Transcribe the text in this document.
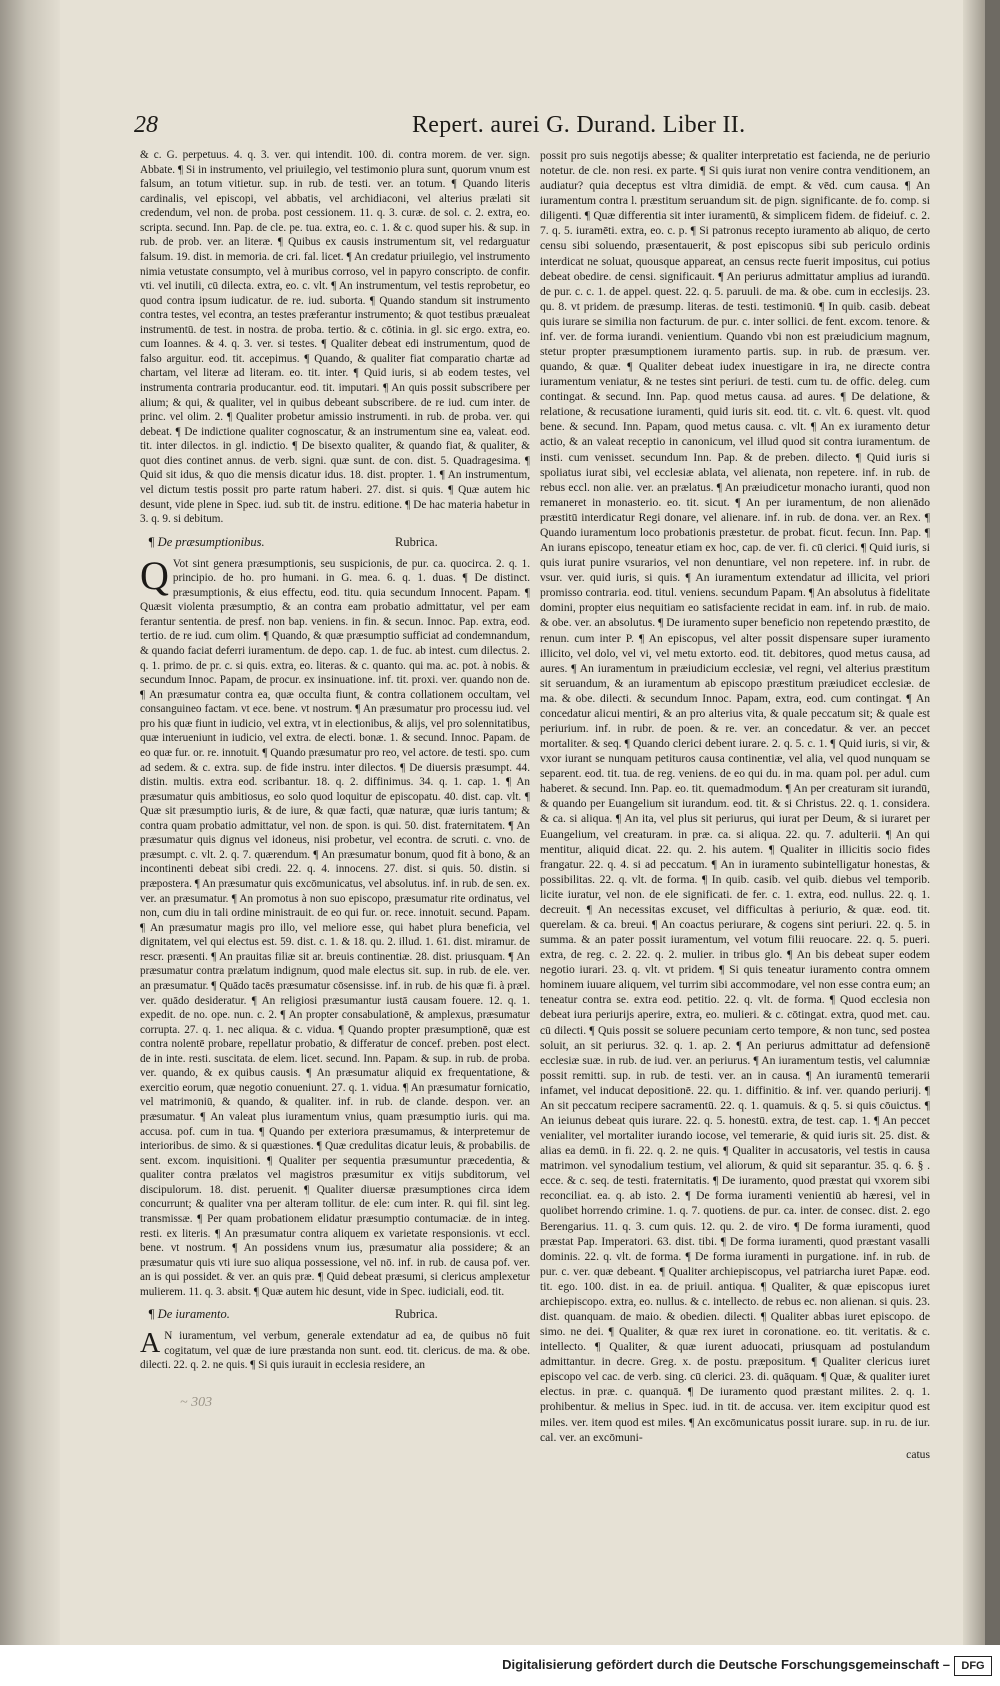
28	Repert. aurei G. Durand. Liber II.

& c. G. perpetuus. 4. q. 3. ver. qui intendit. 100. di. contra morem. de ver. sign. Abbate. ¶ Si in instrumento, vel priuilegio, vel testimonio plura sunt, quorum vnum est falsum, an totum vitietur. sup. in rub. de testi. ver. an totum. ¶ Quando literis cardinalis, vel episcopi, vel abbatis, vel archidiaconi, vel alterius prælati sit credendum, vel non. de proba. post cessionem. 11. q. 3. curæ. de sol. c. 2. extra, eo. scripta. secund. Inn. Pap. de cle. pe. tua. extra, eo. c. 1. & c. quod super his. & sup. in rub. de prob. ver. an literæ. ¶ Quibus ex causis instrumentum sit, vel redarguatur falsum. 19. dist. in memoria. de cri. fal. licet. ¶ An credatur priuilegio, vel instrumento nimia vetustate consumpto, vel à muribus corroso, vel in papyro conscripto. de confir. vti. vel inutili, cū dilecta. extra, eo. c. vlt. ¶ An instrumentum, vel testis reprobetur, eo quod contra ipsum iudicatur. de re. iud. suborta. ¶ Quando standum sit instrumento contra testes, vel econtra, an testes præferantur instrumento; & quot testibus præualeat instrumentū. de test. in nostra. de proba. tertio. & c. cōtinia. in gl. sic ergo. extra, eo. cum Ioannes. & 4. q. 3. ver. si testes. ¶ Qualiter debeat edi instrumentum, quod de falso arguitur. eod. tit. accepimus. ¶ Quando, & qualiter fiat comparatio chartæ ad chartam, vel literæ ad literam. eo. tit. inter. ¶ Quid iuris, si ab eodem testes, vel instrumenta contraria producantur. eod. tit. imputari. ¶ An quis possit subscribere per alium; & qui, & qualiter, vel in quibus debeant subscribere. de re iud. cum inter. de princ. vel olim. 2. ¶ Qualiter probetur amissio instrumenti. in rub. de proba. ver. qui debeat. ¶ De indictione qualiter cognoscatur, & an instrumentum sine ea, valeat. eod. tit. inter dilectos. in gl. indictio. ¶ De bisexto qualiter, & quando fiat, & qualiter, & quot dies continet annus. de verb. signi. quæ sunt. de con. dist. 5. Quadragesima. ¶ Quid sit idus, & quo die mensis dicatur idus. 18. dist. propter. 1. ¶ An instrumentum, vel dictum testis possit pro parte ratum haberi. 27. dist. si quis. ¶ Quæ autem hic desunt, vide plene in Spec. iud. sub tit. de instru. editione. ¶ De hac materia habetur in 3. q. 9. si debitum.

¶ De præsumptionibus.	Rubrica.

Q Vot sint genera præsumptionis, seu suspicionis, de pur. ca. quocirca. 2. q. 1. principio. de ho. pro humani. in G. mea. 6. q. 1. duas. ¶ De distinct. præsumptionis, & eius effectu, eod. titu. quia secundum Innocent. Papam. ¶ Quæsit violenta præsumptio, & an contra eam probatio admittatur, vel per eam ferantur sententia. de presf. non bap. veniens. in fin. & secun. Innoc. Pap. extra, eod. tertio. de re iud. cum olim. ¶ Quando, & quæ præsumptio sufficiat ad condemnandum, & quando faciat deferri iuramentum. de depo. cap. 1. de fuc. ab intest. cum dilectus. 2. q. 1. primo. de pr. c. si quis. extra, eo. literas. & c. quanto. qui ma. ac. pot. à nobis. & secundum Innoc. Papam, de procur. ex insinuatione. inf. tit. proxi. ver. quando non de. ¶ An præsumatur contra ea, quæ occulta fiunt, & contra collationem occultam, vel consanguineo factam. vt ece. bene. vt nostrum. ¶ An præsumatur pro processu iud. vel pro his quæ fiunt in iudicio, vel extra, vt in electionibus, & alijs, vel pro solennitatibus, quæ interueniunt in iudicio, vel extra. de electi. bonæ. 1. & secund. Innoc. Papam. de eo quæ fur. or. re. innotuit. ¶ Quando præsumatur pro reo, vel actore. de testi. spo. cum ad sedem. & c. extra. sup. de fide instru. inter dilectos. ¶ De diuersis præsumpt. 44. distin. multis. extra eod. scribantur. 18. q. 2. diffinimus. 34. q. 1. cap. 1. ¶ An præsumatur quis ambitiosus, eo solo quod loquitur de episcopatu. 40. dist. cap. vlt. ¶ Quæ sit præsumptio iuris, & de iure, & quæ facti, quæ naturæ, quæ iuris tantum; & contra quam probatio admittatur, vel non. de spon. is qui. 50. dist. fraternitatem. ¶ An præsumatur quis dignus vel idoneus, nisi probetur, vel econtra. de scruti. c. vno. de præsumpt. c. vlt. 2. q. 7. quærendum. ¶ An præsumatur bonum, quod fit à bono, & an incontinenti debeat sibi credi. 22. q. 4. innocens. 27. dist. si quis. 50. distin. si præpostera. ¶ An præsumatur quis excōmunicatus, vel absolutus. inf. in rub. de sen. ex. ver. an præsumatur. ¶ An promotus à non suo episcopo, præsumatur rite ordinatus, vel non, cum diu in tali ordine ministrauit. de eo qui fur. or. rece. innotuit. secund. Papam. ¶ An præsumatur magis pro illo, vel meliore esse, qui habet plura beneficia, vel dignitatem, vel qui electus est. 59. dist. c. 1. & 18. qu. 2. illud. 1. 61. dist. miramur. de rescr. præsenti. ¶ An prauitas filiæ sit ar. breuis continentiæ. 28. dist. priusquam. ¶ An præsumatur contra prælatum indignum, quod male electus sit. sup. in rub. de ele. ver. an præsumatur. ¶ Quādo tacēs præsumatur cōsensisse. inf. in rub. de his quæ fi. à præl. ver. quādo desideratur. ¶ An religiosi præsumantur iustā causam fouere. 12. q. 1. expedit. de no. ope. nun. c. 2. ¶ An propter consabulationē, & amplexus, præsumatur corrupta. 27. q. 1. nec aliqua. & c. vidua. ¶ Quando propter præsumptionē, quæ est contra nolentē probare, repellatur probatio, & differatur de concef. preben. post elect. de in inte. resti. suscitata. de elem. licet. secund. Inn. Papam. & sup. in rub. de proba. ver. quando, & ex quibus causis. ¶ An præsumatur aliquid ex frequentatione, & exercitio eorum, quæ negotio conueniunt. 27. q. 1. vidua. ¶ An præsumatur fornicatio, vel matrimoniū, & quando, & qualiter. inf. in rub. de clande. despon. ver. an præsumatur. ¶ An valeat plus iuramentum vnius, quam præsumptio iuris. qui ma. accusa. pof. cum in tua. ¶ Quando per exteriora præsumamus, & interpretemur de interioribus. de simo. & si quæstiones. ¶ Quæ credulitas dicatur leuis, & probabilis. de sent. excom. inquisitioni. ¶ Qualiter per sequentia præsumuntur præcedentia, & qualiter contra prælatos vel magistros præsumitur ex vitijs subditorum, vel discipulorum. 18. dist. peruenit. ¶ Qualiter diuersæ præsumptiones circa idem concurrunt; & qualiter vna per alteram tollitur. de ele: cum inter. R. qui fil. sint leg. transmissæ. ¶ Per quam probationem elidatur præsumptio contumaciæ. de in integ. resti. ex literis. ¶ An præsumatur contra aliquem ex varietate responsionis. vt eccl. bene. vt nostrum. ¶ An possidens vnum ius, præsumatur alia possidere; & an præsumatur quis vti iure suo aliqua possessione, vel nō. inf. in rub. de causa pof. ver. an is qui possidet. & ver. an quis præ. ¶ Quid debeat præsumi, si clericus amplexetur mulierem. 11. q. 3. absit. ¶ Quæ autem hic desunt, vide in Spec. iudiciali, eod. tit.

¶ De iuramento.	Rubrica.

A N iuramentum, vel verbum, generale extendatur ad ea, de quibus nō fuit cogitatum, vel quæ de iure præstanda non sunt. eod. tit. clericus. de ma. & obe. dilecti. 22. q. 2. ne quis. ¶ Si quis iurauit in ecclesia residere, an

~ 303

possit pro suis negotijs abesse; & qualiter interpretatio est facienda, ne de periurio notetur. de cle. non resi. ex parte. ¶ Si quis iurat non venire contra venditionem, an audiatur? quia deceptus est vltra dimidiā. de empt. & vēd. cum causa. ¶ An iuramentum contra l. præstitum seruandum sit. de pign. significante. de fo. comp. si diligenti. ¶ Quæ differentia sit inter iuramentū, & simplicem fidem. de fideiuf. c. 2. 7. q. 5. iuramēti. extra, eo. c. p. ¶ Si patronus recepto iuramento ab aliquo, de certo censu sibi soluendo, præsentauerit, & post episcopus sibi sub periculo ordinis interdicat ne soluat, quousque appareat, an census recte fuerit impositus, cui potius debeat obedire. de censi. significauit. ¶ An periurus admittatur amplius ad iurandū. de pur. c. c. 1. de appel. quest. 22. q. 5. paruuli. de ma. & obe. cum in ecclesijs. 23. qu. 8. vt pridem. de præsump. literas. de testi. testimoniū. ¶ In quib. casib. debeat quis iurare se similia non facturum. de pur. c. inter sollici. de fent. excom. tenore. & inf. ver. de forma iurandi. venientium. Quando vbi non est præiudicium magnum, stetur propter præsumptionem iuramento partis. sup. in rub. de præsum. ver. quando, & quæ. ¶ Qualiter debeat iudex inuestigare in ira, ne directe contra iuramentum veniatur, & ne testes sint periuri. de testi. cum tu. de offic. deleg. cum contingat. & secund. Inn. Pap. quod metus causa. ad aures. ¶ De delatione, & relatione, & recusatione iuramenti, quid iuris sit. eod. tit. c. vlt. 6. quest. vlt. quod bene. & secund. Inn. Papam, quod metus causa. c. vlt. ¶ An ex iuramento detur actio, & an valeat receptio in canonicum, vel illud quod sit contra iuramentum. de insti. cum venisset. secundum Inn. Pap. & de preben. dilecto. ¶ Quid iuris si spoliatus iurat sibi, vel ecclesiæ ablata, vel alienata, non repetere. inf. in rub. de rebus eccl. non alie. ver. an prælatus. ¶ An præiudicetur monacho iuranti, quod non remaneret in monasterio. eo. tit. sicut. ¶ An per iuramentum, de non alienādo præstitū interdicatur Regi donare, vel alienare. inf. in rub. de dona. ver. an Rex. ¶ Quando iuramentum loco probationis præstetur. de probat. ficut. fecun. Inn. Pap. ¶ An iurans episcopo, teneatur etiam ex hoc, cap. de ver. fi. cū clerici. ¶ Quid iuris, si quis iurat punire vsurarios, vel non denuntiare, vel non repetere. inf. in rubr. de vsur. ver. quid iuris, si quis. ¶ An iuramentum extendatur ad illicita, vel priori promisso contraria. eod. titul. veniens. secundum Papam. ¶ An absolutus à fidelitate domini, propter eius nequitiam eo satisfaciente recidat in eam. inf. in rub. de maio. & obe. ver. an absolutus. ¶ De iuramento super beneficio non repetendo præstito, de renun. cum inter P. ¶ An episcopus, vel alter possit dispensare super iuramento illicito, vel dolo, vel vi, vel metu extorto. eod. tit. debitores, quod metus causa, ad aures. ¶ An iuramentum in præiudicium ecclesiæ, vel regni, vel alterius præstitum sit seruandum, & an iuramentum ab episcopo præstitum præiudicet ecclesiæ. de ma. & obe. dilecti. & secundum Innoc. Papam, extra, eod. cum contingat. ¶ An concedatur alicui mentiri, & an pro alterius vita, & quale peccatum sit; & quale est periurium. inf. in rubr. de poen. & re. ver. an concedatur. & ver. an peccet mortaliter. & seq. ¶ Quando clerici debent iurare. 2. q. 5. c. 1. ¶ Quid iuris, si vir, & vxor iurant se nunquam petituros causa continentiæ, vel alia, vel quod nunquam se separent. eod. tit. tua. de reg. veniens. de eo qui du. in ma. quam pol. per adul. cum haberet. & secund. Inn. Pap. eo. tit. quemadmodum. ¶ An per creaturam sit iurandū, & quando per Euangelium sit iurandum. eod. tit. & si Christus. 22. q. 1. considera. & ca. si aliqua. ¶ An ita, vel plus sit periurus, qui iurat per Deum, & si iuraret per Euangelium, vel creaturam. in præ. ca. si aliqua. 22. qu. 7. adulterii. ¶ An qui mentitur, aliquid dicat. 22. qu. 2. his autem. ¶ Qualiter in illicitis socio fides frangatur. 22. q. 4. si ad peccatum. ¶ An in iuramento subintelligatur honestas, & possibilitas. 22. q. vlt. de forma. ¶ In quib. casib. vel quib. diebus vel temporib. licite iuratur, vel non. de ele significati. de fer. c. 1. extra, eod. nullus. 22. q. 1. decreuit. ¶ An necessitas excuset, vel difficultas à periurio, & quæ. eod. tit. querelam. & ca. breui. ¶ An coactus periurare, & cogens sint periuri. 22. q. 5. in summa. & an pater possit iuramentum, vel votum filii reuocare. 22. q. 5. pueri. extra, de reg. c. 2. 22. q. 2. mulier. in tribus glo. ¶ An bis debeat super eodem negotio iurari. 23. q. vlt. vt pridem. ¶ Si quis teneatur iuramento contra omnem hominem iuuare aliquem, vel turrim sibi accommodare, vel non esse contra eum; an teneatur contra se. extra eod. petitio. 22. q. vlt. de forma. ¶ Quod ecclesia non debeat iura periurijs aperire, extra, eo. mulieri. & c. cōtingat. extra, quod met. cau. cū dilecti. ¶ Quis possit se soluere pecuniam certo tempore, & non tunc, sed postea soluit, an sit periurus. 32. q. 1. ap. 2. ¶ An periurus admittatur ad defensionē ecclesiæ suæ. in rub. de iud. ver. an periurus. ¶ An iuramentum testis, vel calumniæ possit remitti. sup. in rub. de testi. ver. an in causa. ¶ An iuramentū temerarii infamet, vel inducat depositionē. 22. qu. 1. diffinitio. & inf. ver. quando periurij. ¶ An sit peccatum recipere sacramentū. 22. q. 1. quamuis. & q. 5. si quis cōuictus. ¶ An ieiunus debeat quis iurare. 22. q. 5. honestū. extra, de test. cap. 1. ¶ An peccet venialiter, vel mortaliter iurando iocose, vel temerarie, & quid iuris sit. 25. dist. & alias ea demū. in fi. 22. q. 2. ne quis. ¶ Qualiter in accusatoris, vel testis in causa matrimon. vel synodalium testium, vel aliorum, & quid sit separantur. 35. q. 6. § . ecce. & c. seq. de testi. fraternitatis. ¶ De iuramento, quod præstat qui vxorem sibi reconciliat. ea. q. ab isto. 2. ¶ De forma iuramenti venientiū ab hæresi, vel in quolibet horrendo crimine. 1. q. 7. quotiens. de pur. ca. inter. de consec. dist. 2. ego Berengarius. 11. q. 3. cum quis. 12. qu. 2. de viro. ¶ De forma iuramenti, quod præstat Pap. Imperatori. 63. dist. tibi. ¶ De forma iuramenti, quod præstant vasalli dominis. 22. q. vlt. de forma. ¶ De forma iuramenti in purgatione. inf. in rub. de pur. c. ver. quæ debeant. ¶ Qualiter archiepiscopus, vel patriarcha iuret Papæ. eod. tit. ego. 100. dist. in ea. de priuil. antiqua. ¶ Qualiter, & quæ episcopus iuret archiepiscopo. extra, eo. nullus. & c. intellecto. de rebus ec. non alienan. si quis. 23. dist. quanquam. de maio. & obedien. dilecti. ¶ Qualiter abbas iuret episcopo. de simo. ne dei. ¶ Qualiter, & quæ rex iuret in coronatione. eo. tit. veritatis. & c. intellecto. ¶ Qualiter, & quæ iurent aduocati, priusquam ad postulandum admittantur. in decre. Greg. x. de postu. præpositum. ¶ Qualiter clericus iuret episcopo vel cac. de verb. sing. cū clerici. 23. di. quāquam. ¶ Quæ, & qualiter iuret electus. in præ. c. quanquā. ¶ De iuramento quod præstant milites. 2. q. 1. prohibentur. & melius in Spec. iud. in tit. de accusa. ver. item excipitur quod est miles. ver. item quod est miles. ¶ An excōmunicatus possit iurare. sup. in ru. de iur. cal. ver. an excōmuni-

catus

Digitalisierung gefördert durch die Deutsche Forschungsgemeinschaft –	DFG
